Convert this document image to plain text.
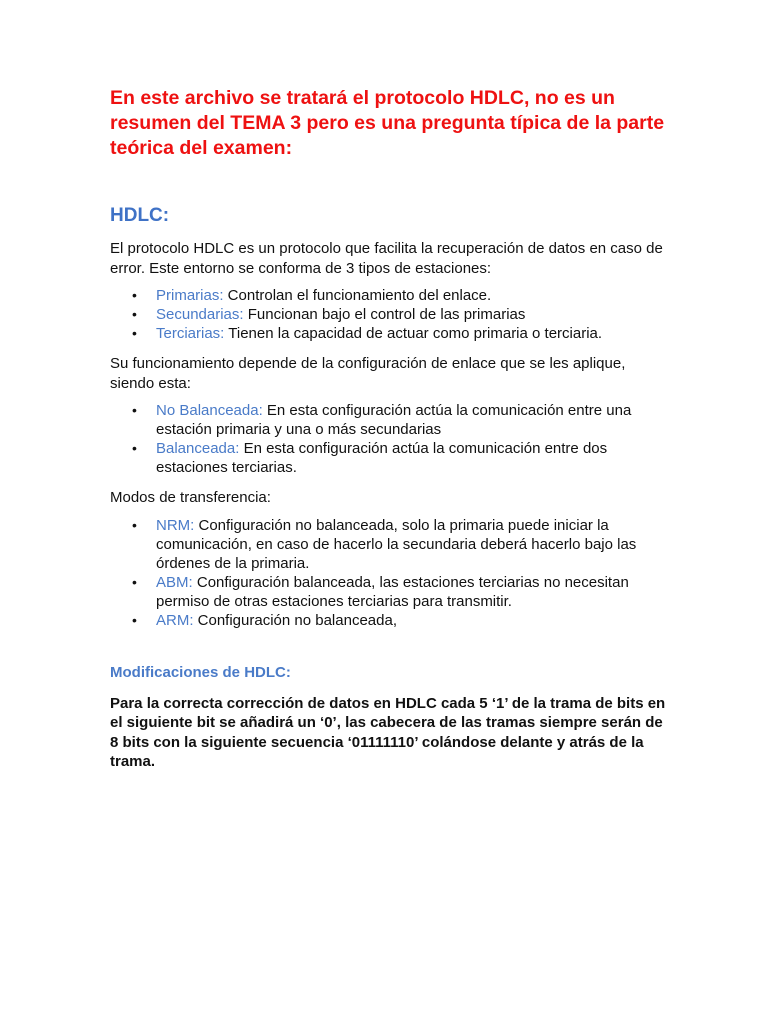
En este archivo se tratará el protocolo HDLC, no es un resumen del TEMA 3 pero es una pregunta típica de la parte teórica del examen:

HDLC:

El protocolo HDLC es un protocolo que facilita la recuperación de datos en caso de error. Este entorno se conforma de 3 tipos de estaciones:

• Primarias: Controlan el funcionamiento del enlace.
• Secundarias: Funcionan bajo el control de las primarias
• Terciarias: Tienen la capacidad de actuar como primaria o terciaria.

Su funcionamiento depende de la configuración de enlace que se les aplique, siendo esta:

• No Balanceada: En esta configuración actúa la comunicación entre una estación primaria y una o más secundarias
• Balanceada: En esta configuración actúa la comunicación entre dos estaciones terciarias.

Modos de transferencia:

• NRM: Configuración no balanceada, solo la primaria puede iniciar la comunicación, en caso de hacerlo la secundaria deberá hacerlo bajo las órdenes de la primaria.
• ABM: Configuración balanceada, las estaciones terciarias no necesitan permiso de otras estaciones terciarias para transmitir.
• ARM: Configuración no balanceada,
Modificaciones de HDLC:

Para la correcta corrección de datos en HDLC cada 5 ‘1’ de la trama de bits en el siguiente bit se añadirá un ‘0’, las cabecera de las tramas siempre serán de 8 bits con la siguiente secuencia ‘01111110’ colándose delante y atrás de la trama.
